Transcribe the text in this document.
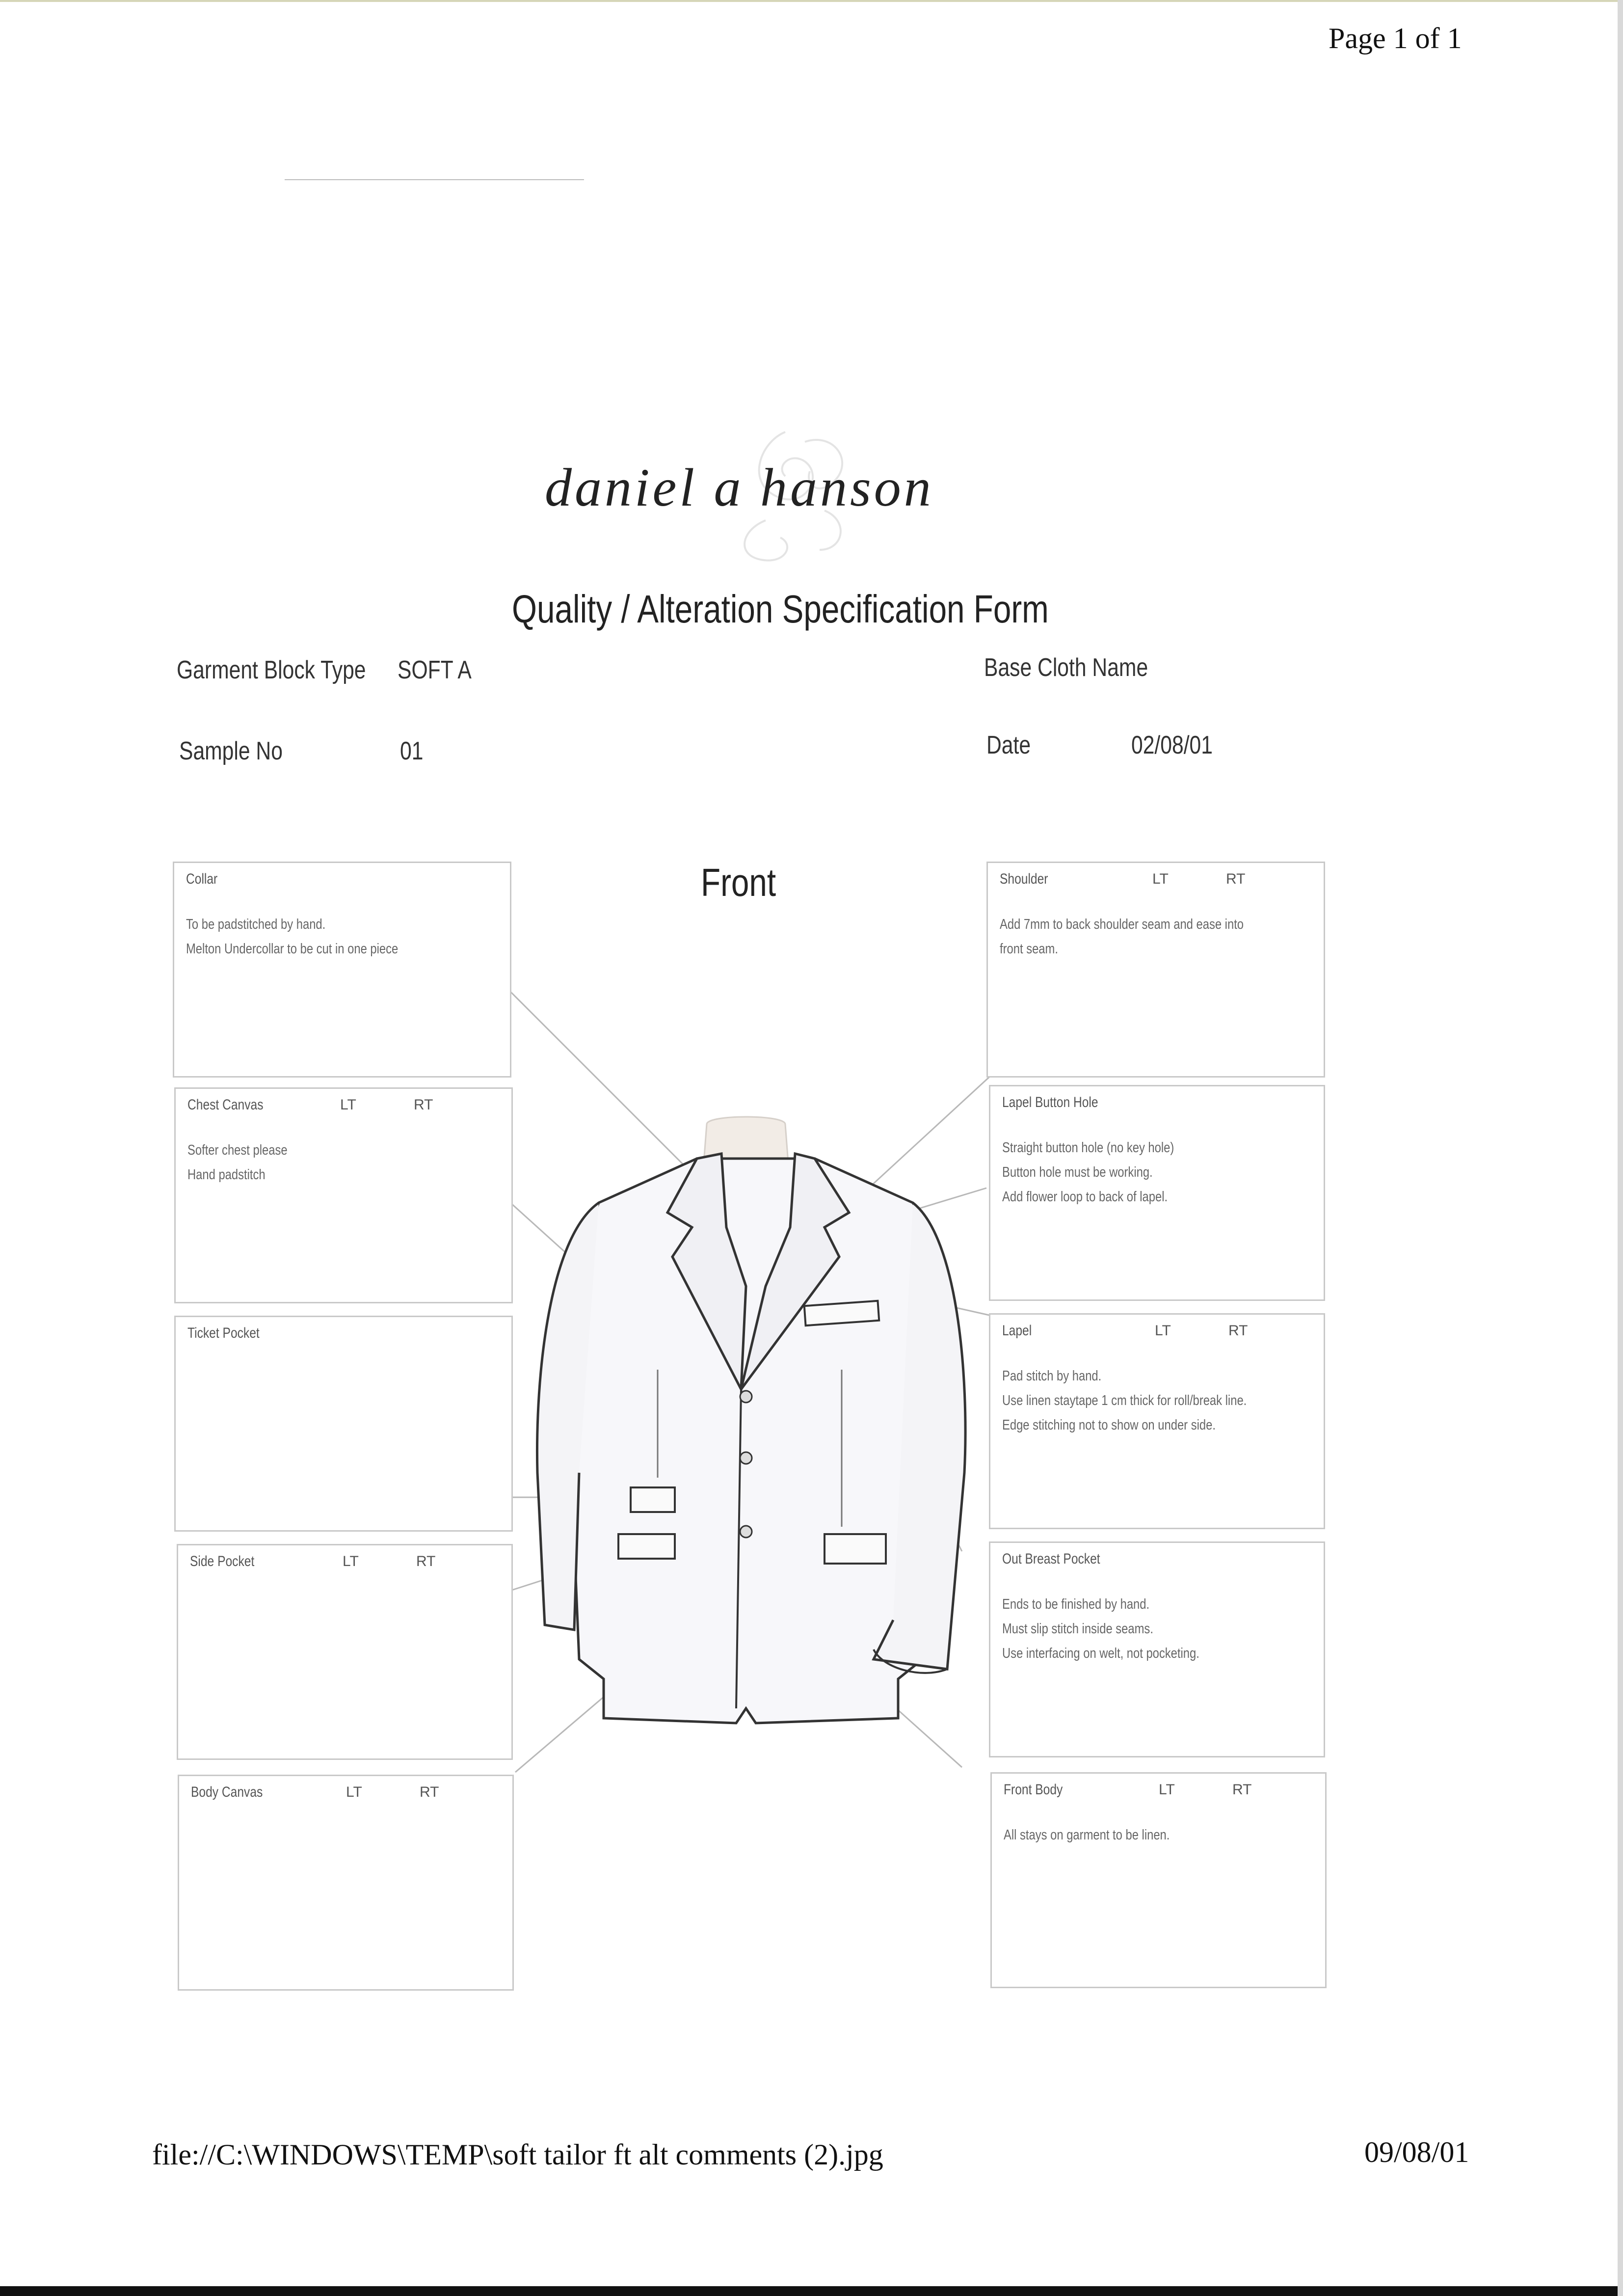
Page 1 of 1
daniel a hanson
Quality / Alteration Specification Form
Garment Block Type SOFT A	Base Cloth Name
Sample No	01	Date	02/08/01
Front
Collar
To be padstitched by hand.
Melton Undercollar to be cut in one piece
Chest Canvas	LT	RT
Softer chest please
Hand padstitch
Ticket Pocket
Side Pocket	LT	RT
Body Canvas	LT	RT
Shoulder	LT	RT
Add 7mm to back shoulder seam and ease into
front seam.
Lapel Button Hole
Straight button hole (no key hole)
Button hole must be working.
Add flower loop to back of lapel.
Lapel	LT	RT
Pad stitch by hand.
Use linen staytape 1 cm thick for roll/break line.
Edge stitching not to show on under side.
Out Breast Pocket
Ends to be finished by hand.
Must slip stitch inside seams.
Use interfacing on welt, not pocketing.
Front Body	LT	RT
All stays on garment to be linen.
file://C:\WINDOWS\TEMP\soft tailor ft alt comments (2).jpg	09/08/01
